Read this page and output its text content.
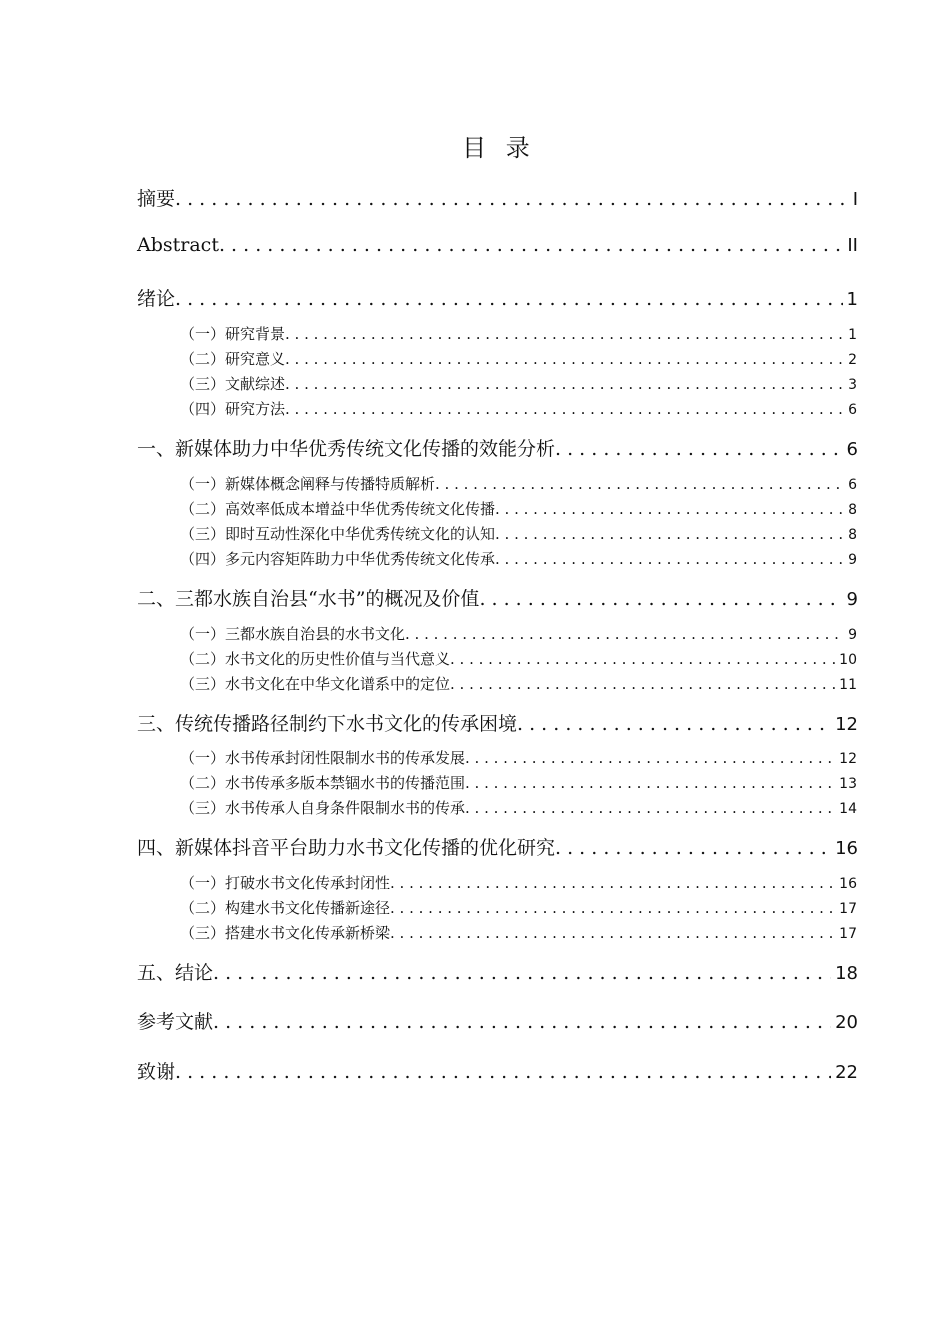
目 录
摘要 . . .	I
Abstract . . .	II
绪论 . . .	1
（一）研究背景 . . .	1
（二）研究意义 . . .	2
（三）文献综述 . . .	3
（四）研究方法 . . .	6
一、新媒体助力中华优秀传统文化传播的效能分析 . . .	6
（一）新媒体概念阐释与传播特质解析 . . .	6
（二）高效率低成本增益中华优秀传统文化传播 . . .	8
（三）即时互动性深化中华优秀传统文化的认知 . . .	8
（四）多元内容矩阵助力中华优秀传统文化传承 . . .	9
二、三都水族自治县“水书”的概况及价值 . . .	9
（一）三都水族自治县的水书文化 . . .	9
（二）水书文化的历史性价值与当代意义 . . .	10
（三）水书文化在中华文化谱系中的定位 . . .	11
三、传统传播路径制约下水书文化的传承困境 . . .	12
（一）水书传承封闭性限制水书的传承发展 . . .	12
（二）水书传承多版本禁锢水书的传播范围 . . .	13
（三）水书传承人自身条件限制水书的传承 . . .	14
四、新媒体抖音平台助力水书文化传播的优化研究 . . .	16
（一）打破水书文化传承封闭性 . . .	16
（二）构建水书文化传播新途径 . . .	17
（三）搭建水书文化传承新桥梁 . . .	17
五、结论 . . .	18
参考文献 . . .	20
致谢 . . .	22
